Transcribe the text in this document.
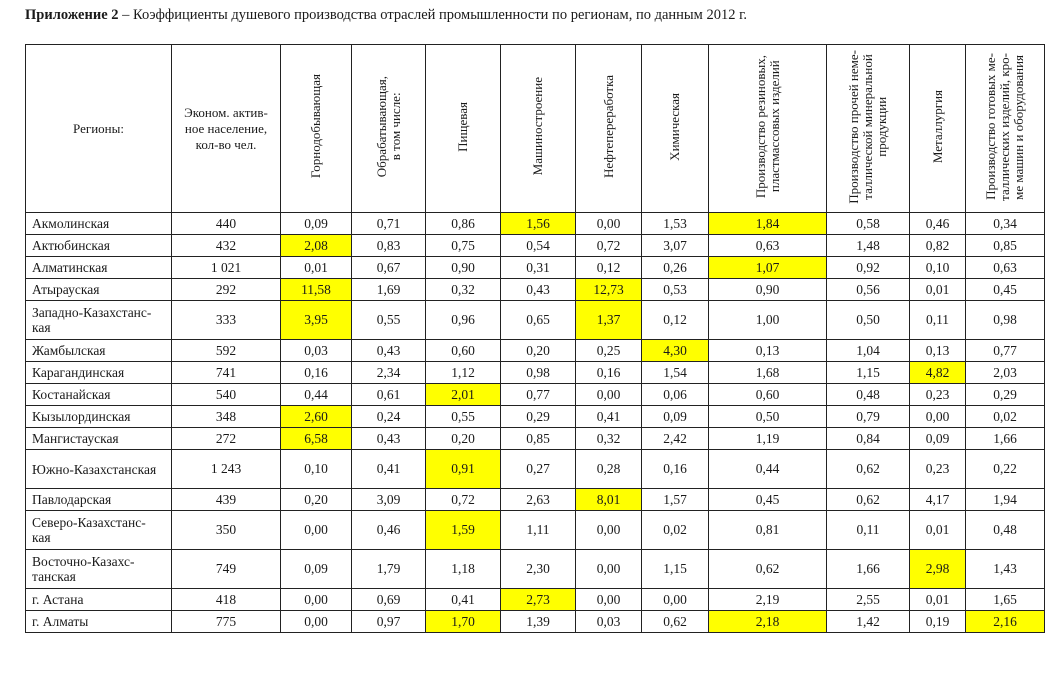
Приложение 2 – Коэффициенты душевого производства отраслей промышленности по регионам, по данным 2012 г.
Регионы:	Эконом. актив-
ное население,
кол-во чел.	Горнодобывающая	Обрабатывающая,
в том числе:	Пищевая	Машиностроение	Нефтепереработка	Химическая	Производство резиновых,
пластмассовых изделий	Производство прочей неме-
таллической минеральной
продукции	Металлургия	Производство готовых ме-
таллических изделий, кро-
ме машин и оборудования
Акмолинская	440	0,09	0,71	0,86	1,56	0,00	1,53	1,84	0,58	0,46	0,34
Актюбинская	432	2,08	0,83	0,75	0,54	0,72	3,07	0,63	1,48	0,82	0,85
Алматинская	1 021	0,01	0,67	0,90	0,31	0,12	0,26	1,07	0,92	0,10	0,63
Атырауская	292	11,58	1,69	0,32	0,43	12,73	0,53	0,90	0,56	0,01	0,45
Западно-Казахстанс-
кая	333	3,95	0,55	0,96	0,65	1,37	0,12	1,00	0,50	0,11	0,98
Жамбылская	592	0,03	0,43	0,60	0,20	0,25	4,30	0,13	1,04	0,13	0,77
Карагандинская	741	0,16	2,34	1,12	0,98	0,16	1,54	1,68	1,15	4,82	2,03
Костанайская	540	0,44	0,61	2,01	0,77	0,00	0,06	0,60	0,48	0,23	0,29
Кызылординская	348	2,60	0,24	0,55	0,29	0,41	0,09	0,50	0,79	0,00	0,02
Мангистауская	272	6,58	0,43	0,20	0,85	0,32	2,42	1,19	0,84	0,09	1,66
Южно-Казахстанская	1 243	0,10	0,41	0,91	0,27	0,28	0,16	0,44	0,62	0,23	0,22
Павлодарская	439	0,20	3,09	0,72	2,63	8,01	1,57	0,45	0,62	4,17	1,94
Северо-Казахстанс-
кая	350	0,00	0,46	1,59	1,11	0,00	0,02	0,81	0,11	0,01	0,48
Восточно-Казахс-
танская	749	0,09	1,79	1,18	2,30	0,00	1,15	0,62	1,66	2,98	1,43
г. Астана	418	0,00	0,69	0,41	2,73	0,00	0,00	2,19	2,55	0,01	1,65
г. Алматы	775	0,00	0,97	1,70	1,39	0,03	0,62	2,18	1,42	0,19	2,16
